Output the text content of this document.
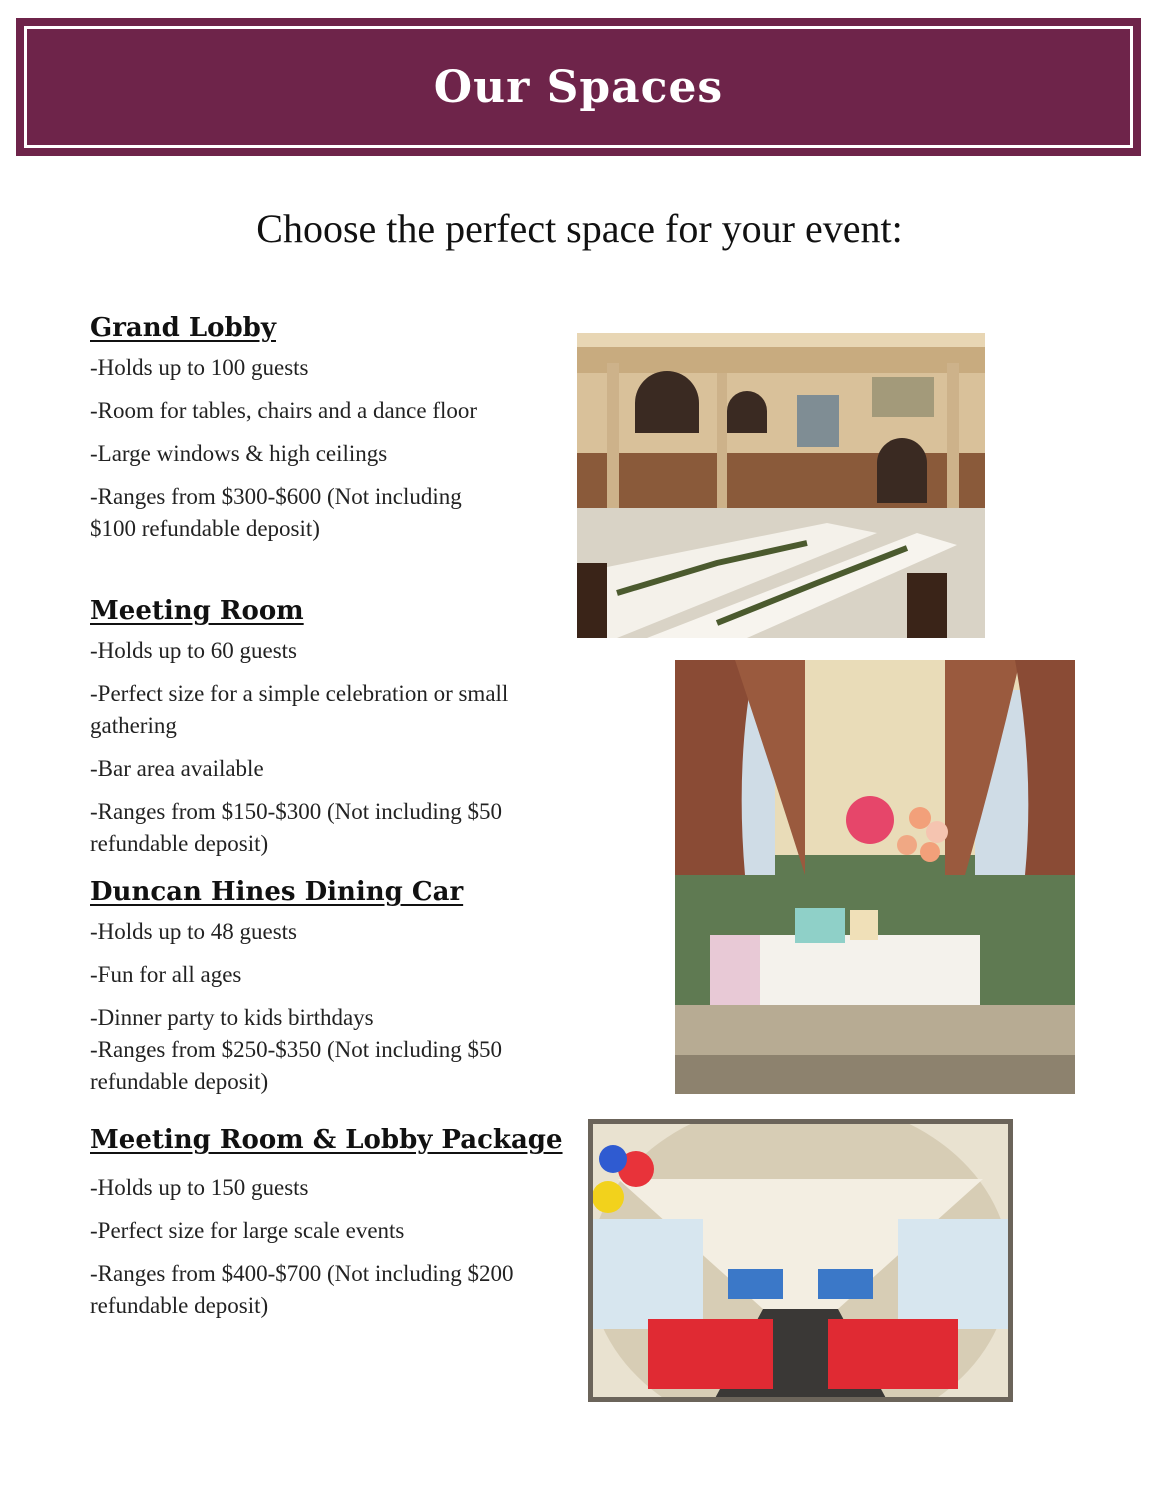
Our Spaces
Choose the perfect space for your event:
Grand Lobby
-Holds up to 100 guests
-Room for tables, chairs and a dance floor
-Large windows & high ceilings
-Ranges from $300-$600 (Not including $100 refundable deposit)
Meeting Room
-Holds up to 60 guests
-Perfect size for a simple celebration or small gathering
-Bar area available
-Ranges from $150-$300 (Not including $50 refundable deposit)
Duncan Hines Dining Car
-Holds up to 48 guests
-Fun for all ages
-Dinner party to kids birthdays
-Ranges from $250-$350 (Not including $50 refundable deposit)
Meeting Room & Lobby Package
-Holds up to 150 guests
-Perfect size for large scale events
-Ranges from $400-$700 (Not including $200 refundable deposit)
